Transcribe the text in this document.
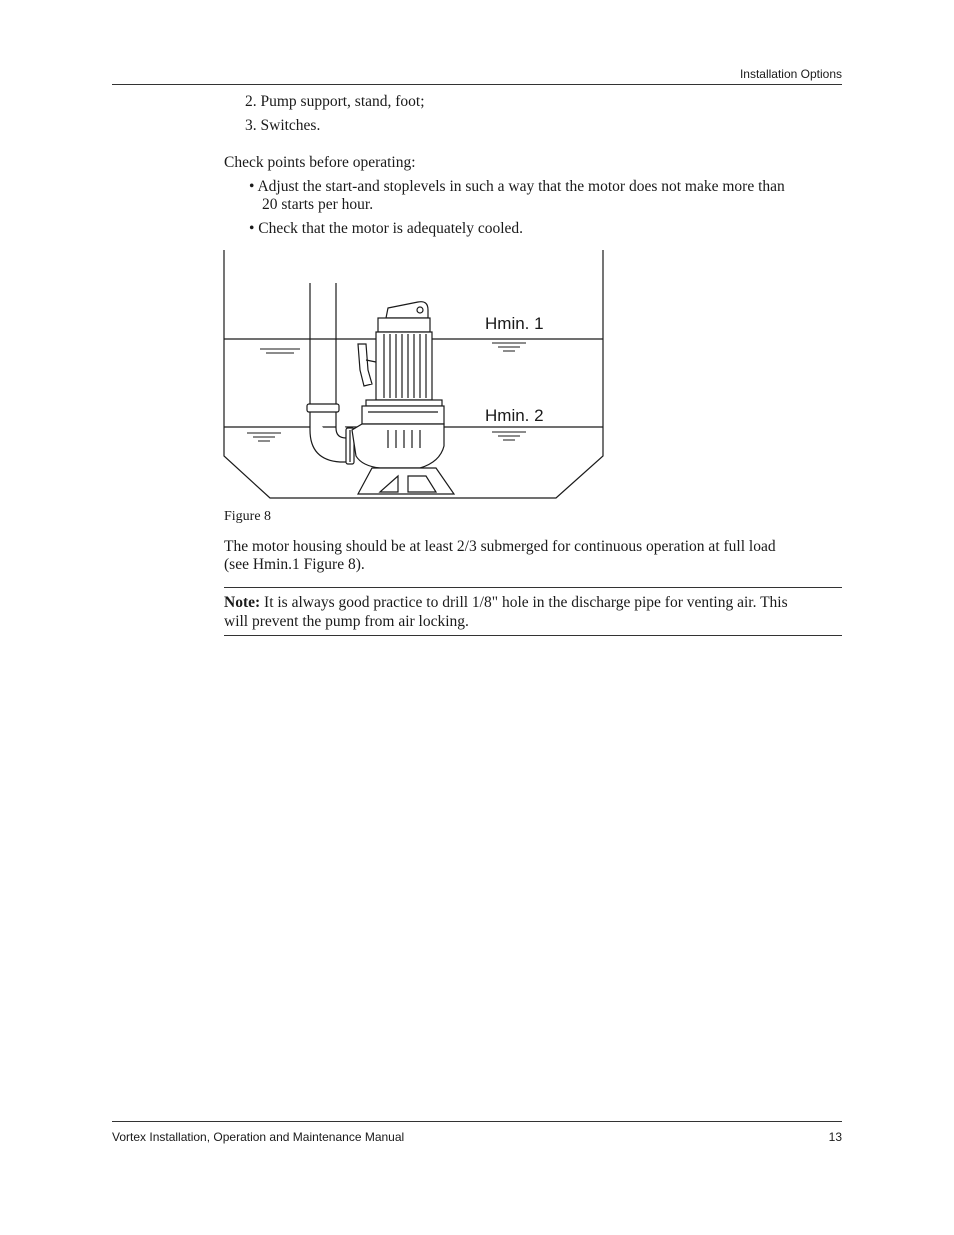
Installation Options
2. Pump support, stand, foot;
3. Switches.
Check points before operating:
• Adjust the start-and stoplevels in such a way that the motor does not make more than
20 starts per hour.
• Check that the motor is adequately cooled.
Hmin. 1
Hmin. 2
Figure 8
The motor housing should be at least 2/3 submerged for continuous operation at full load
(see Hmin.1 Figure 8).
Note: It is always good practice to drill 1/8" hole in the discharge pipe for venting air. This
will prevent the pump from air locking.
Vortex Installation, Operation and Maintenance Manual	13
